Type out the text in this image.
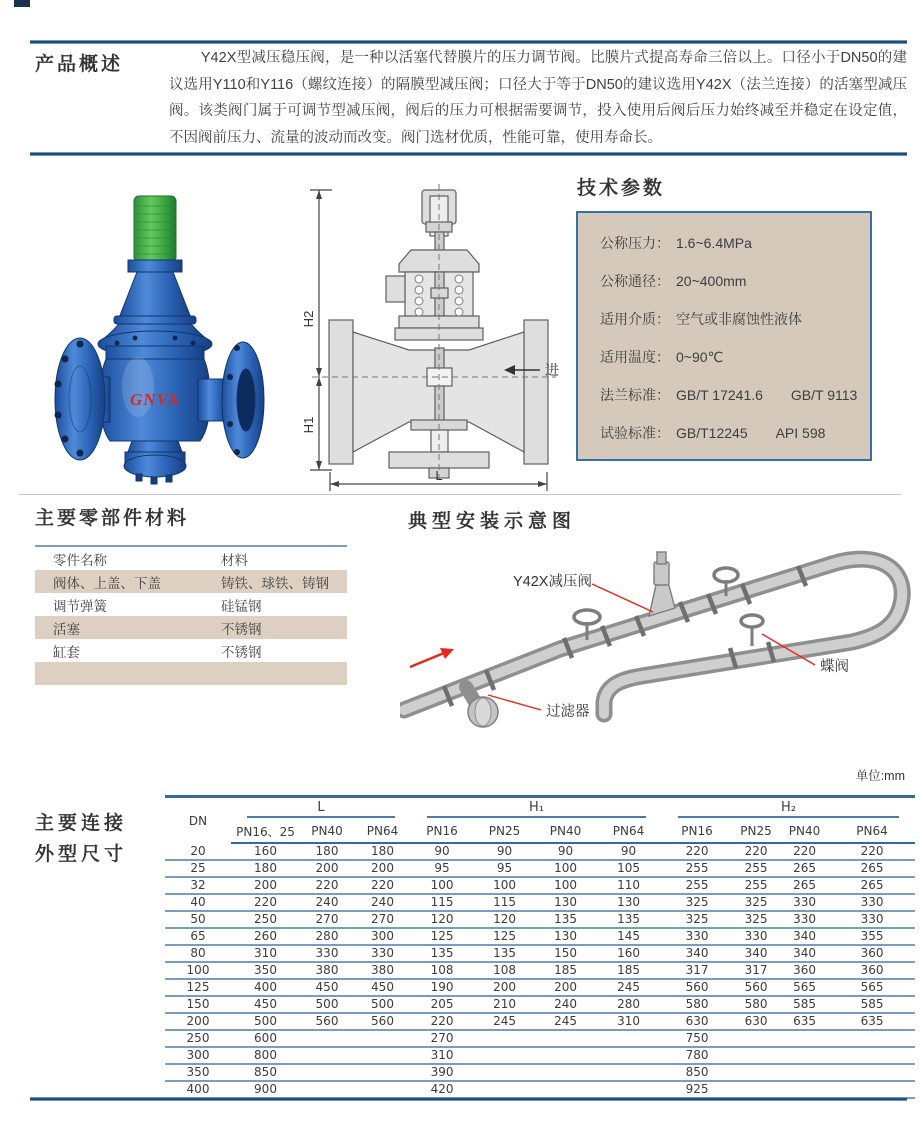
产品概述	Y42X型减压稳压阀，是一种以活塞代替膜片的压力调节阀。比膜片式提高寿命三倍以上。口径小于DN50的建议选用Y110和Y116（螺纹连接）的隔膜型减压阀；口径大于等于DN50的建议选用Y42X（法兰连接）的活塞型减压阀。该类阀门属于可调节型减压阀，阀后的压力可根据需要调节，投入使用后阀后压力始终减至并稳定在设定值，不因阀前压力、流量的波动而改变。阀门选材优质，性能可靠，使用寿命长。
GNVA
H2
H1
L
进
技术参数
公称压力： 1.6~6.4MPa
公称通径： 20~400mm
适用介质： 空气或非腐蚀性液体
适用温度： 0~90℃
法兰标准： GB/T 17241.6　　GB/T 9113
试验标准： GB/T12245　　API 598
主要零部件材料	典型安装示意图
零件名称	材料
阀体、上盖、下盖	铸铁、球铁、铸钢
调节弹簧	硅锰钢
活塞	不锈钢
缸套	不锈钢

Y42X减压阀
蝶阀
过滤器
单位:mm
主要连接
外型尺寸
DN	L			H₁				H₂			

	PN16、25	PN40	PN64	PN16	PN25	PN40	PN64	PN16	PN25	PN40	PN64
20	160	180	180	90	90	90	90	220	220	220	220
25	180	200	200	95	95	100	105	255	255	265	265
32	200	220	220	100	100	100	110	255	255	265	265
40	220	240	240	115	115	130	130	325	325	330	330
50	250	270	270	120	120	135	135	325	325	330	330
65	260	280	300	125	125	130	145	330	330	340	355
80	310	330	330	135	135	150	160	340	340	340	360
100	350	380	380	108	108	185	185	317	317	360	360
125	400	450	450	190	200	200	245	560	560	565	565
150	450	500	500	205	210	240	280	580	580	585	585
200	500	560	560	220	245	245	310	630	630	635	635
250	600			270				750			
300	800			310				780			
350	850			390				850			
400	900			420				925			
